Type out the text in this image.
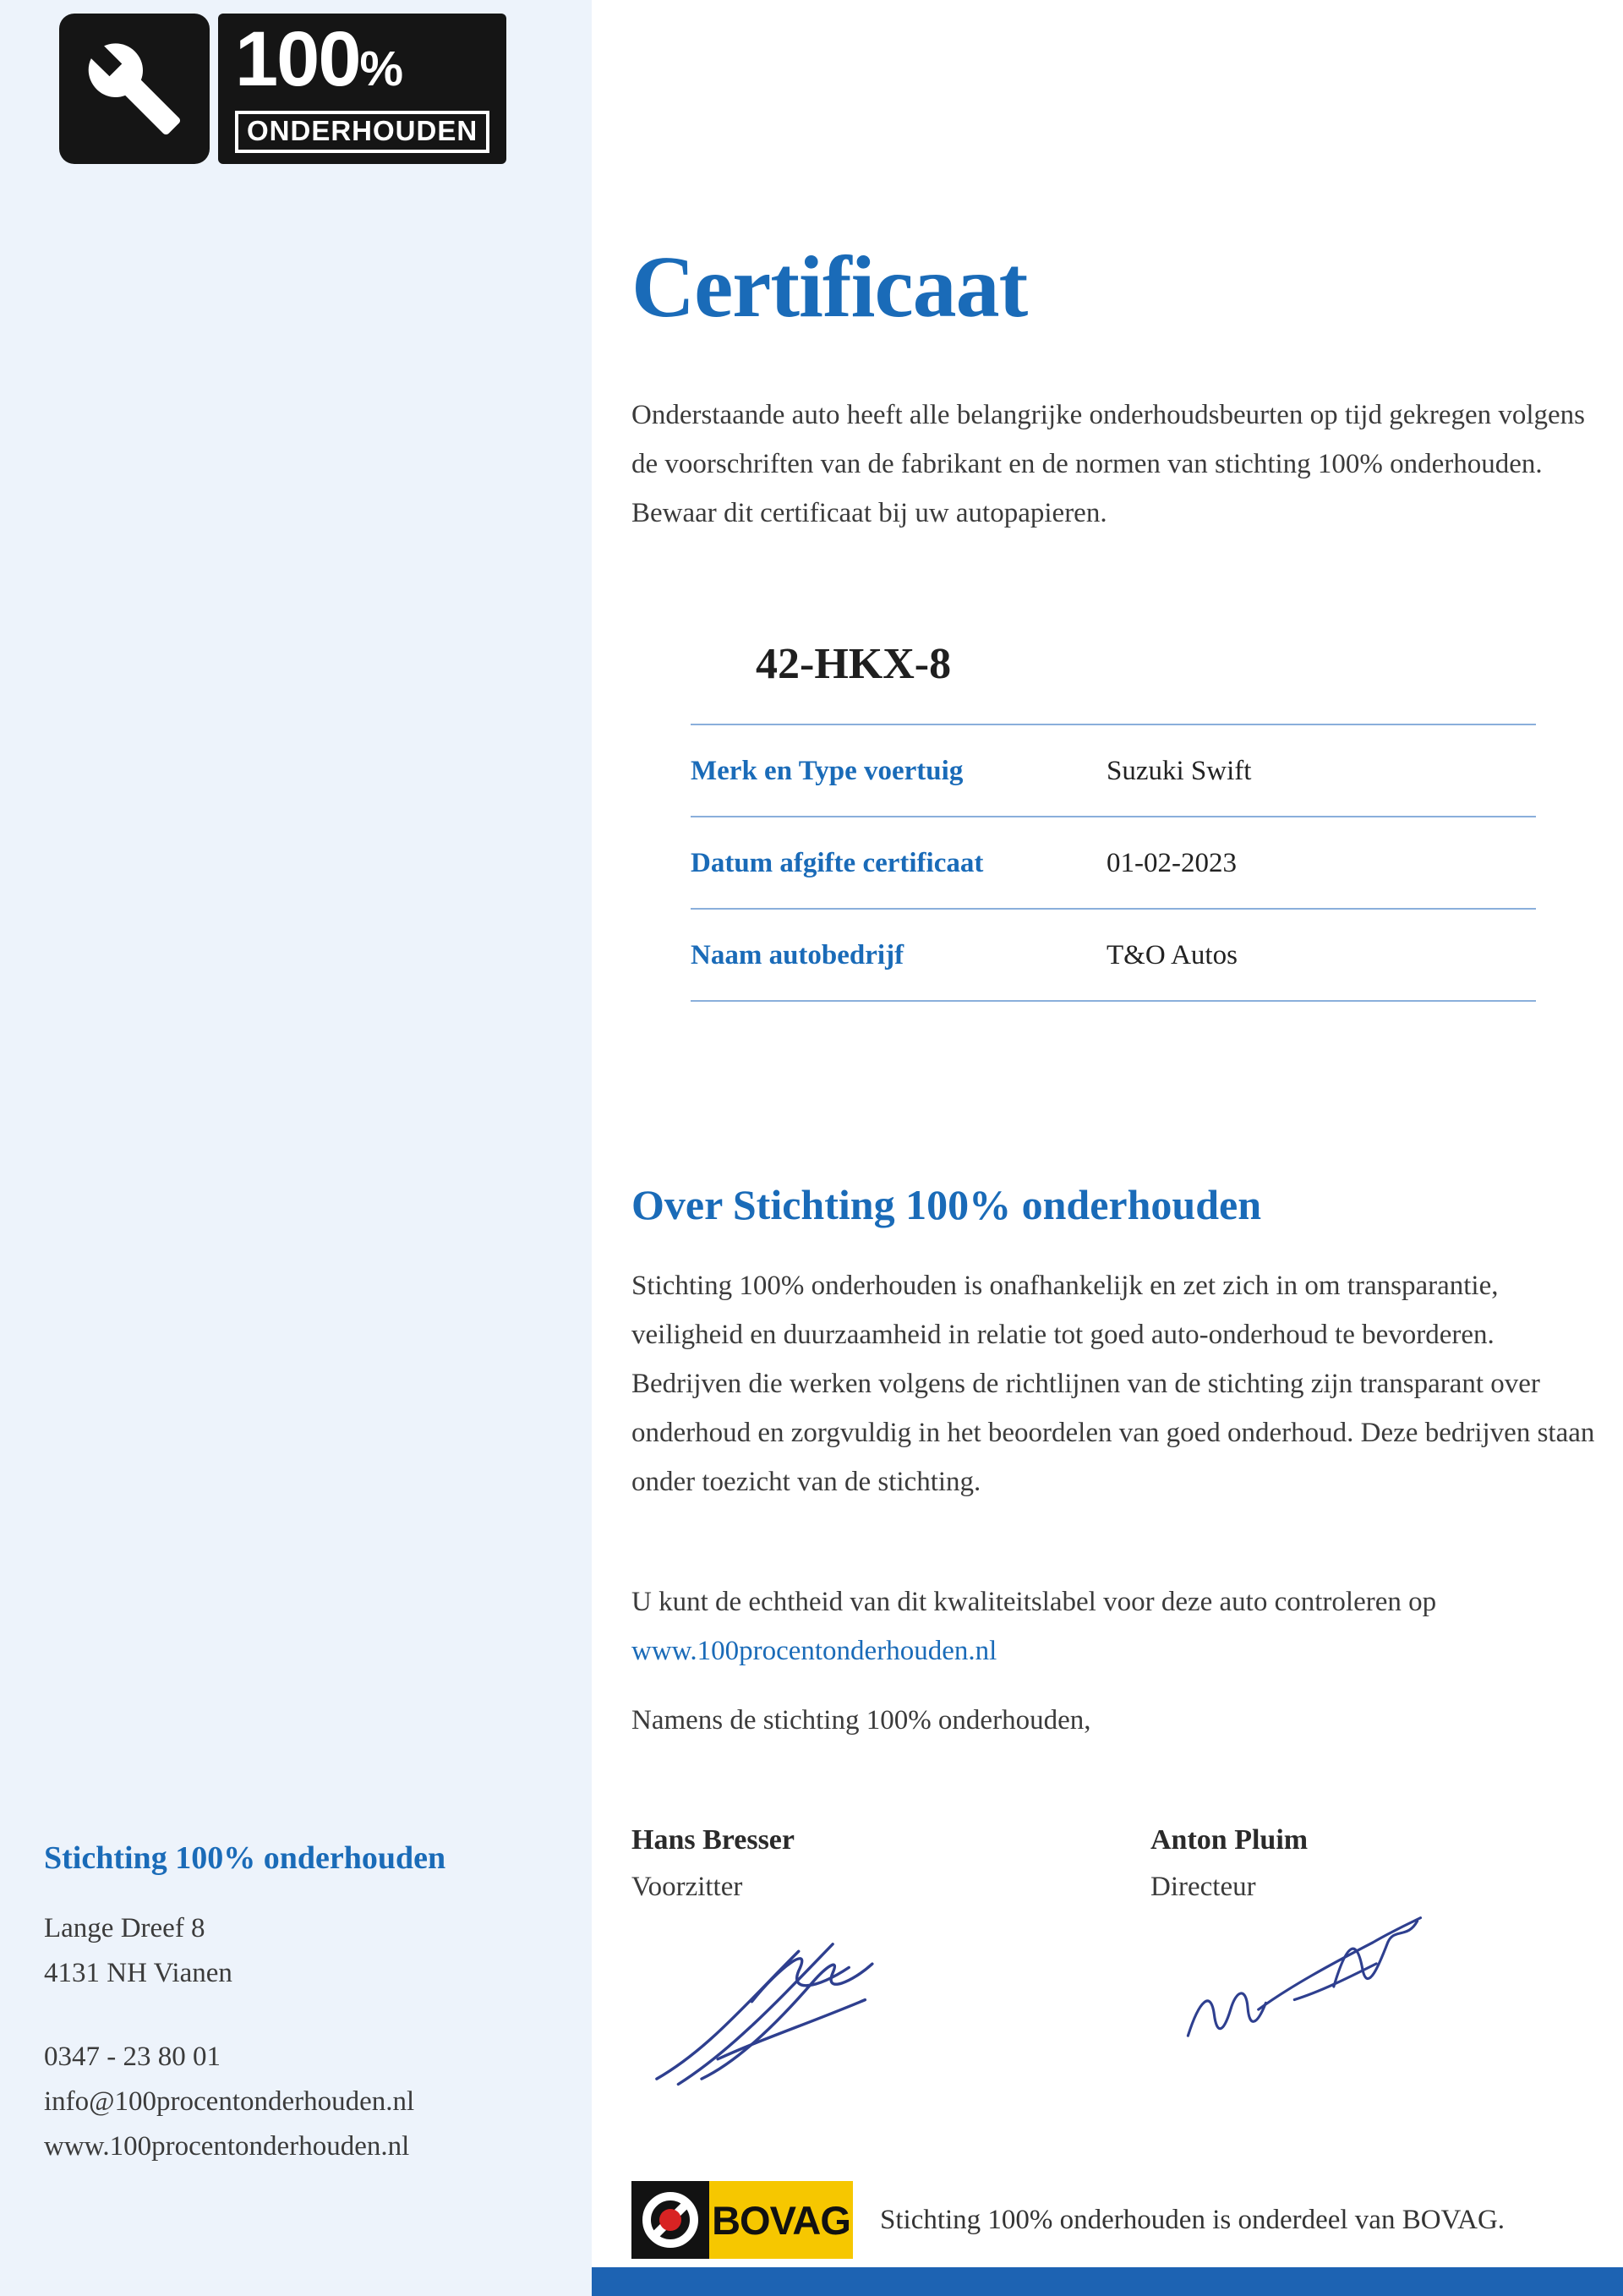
100%
ONDERHOUDEN
Certificaat

Onderstaande auto heeft alle belangrijke onderhoudsbeurten op tijd gekregen volgens de voorschriften van de fabrikant en de normen van stichting 100% onderhouden. Bewaar dit certificaat bij uw autopapieren.

42-HKX-8
Merk en Type voertuig	Suzuki Swift
Datum afgifte certificaat	01-02-2023
Naam autobedrijf	T&O Autos
Over Stichting 100% onderhouden

Stichting 100% onderhouden is onafhankelijk en zet zich in om transparantie, veiligheid en duurzaamheid in relatie tot goed auto-onderhoud te bevorderen. Bedrijven die werken volgens de richtlijnen van de stichting zijn transparant over onderhoud en zorgvuldig in het beoordelen van goed onderhoud. Deze bedrijven staan onder toezicht van de stichting.

U kunt de echtheid van dit kwaliteitslabel voor deze auto controleren op www.100procentonderhouden.nl

Namens de stichting 100% onderhouden,

Hans Bresser
Voorzitter
Anton Pluim
Directeur
BOVAG Stichting 100% onderhouden is onderdeel van BOVAG.
Stichting 100% onderhouden
Lange Dreef 8
4131 NH Vianen
0347 - 23 80 01
info@100procentonderhouden.nl
www.100procentonderhouden.nl
